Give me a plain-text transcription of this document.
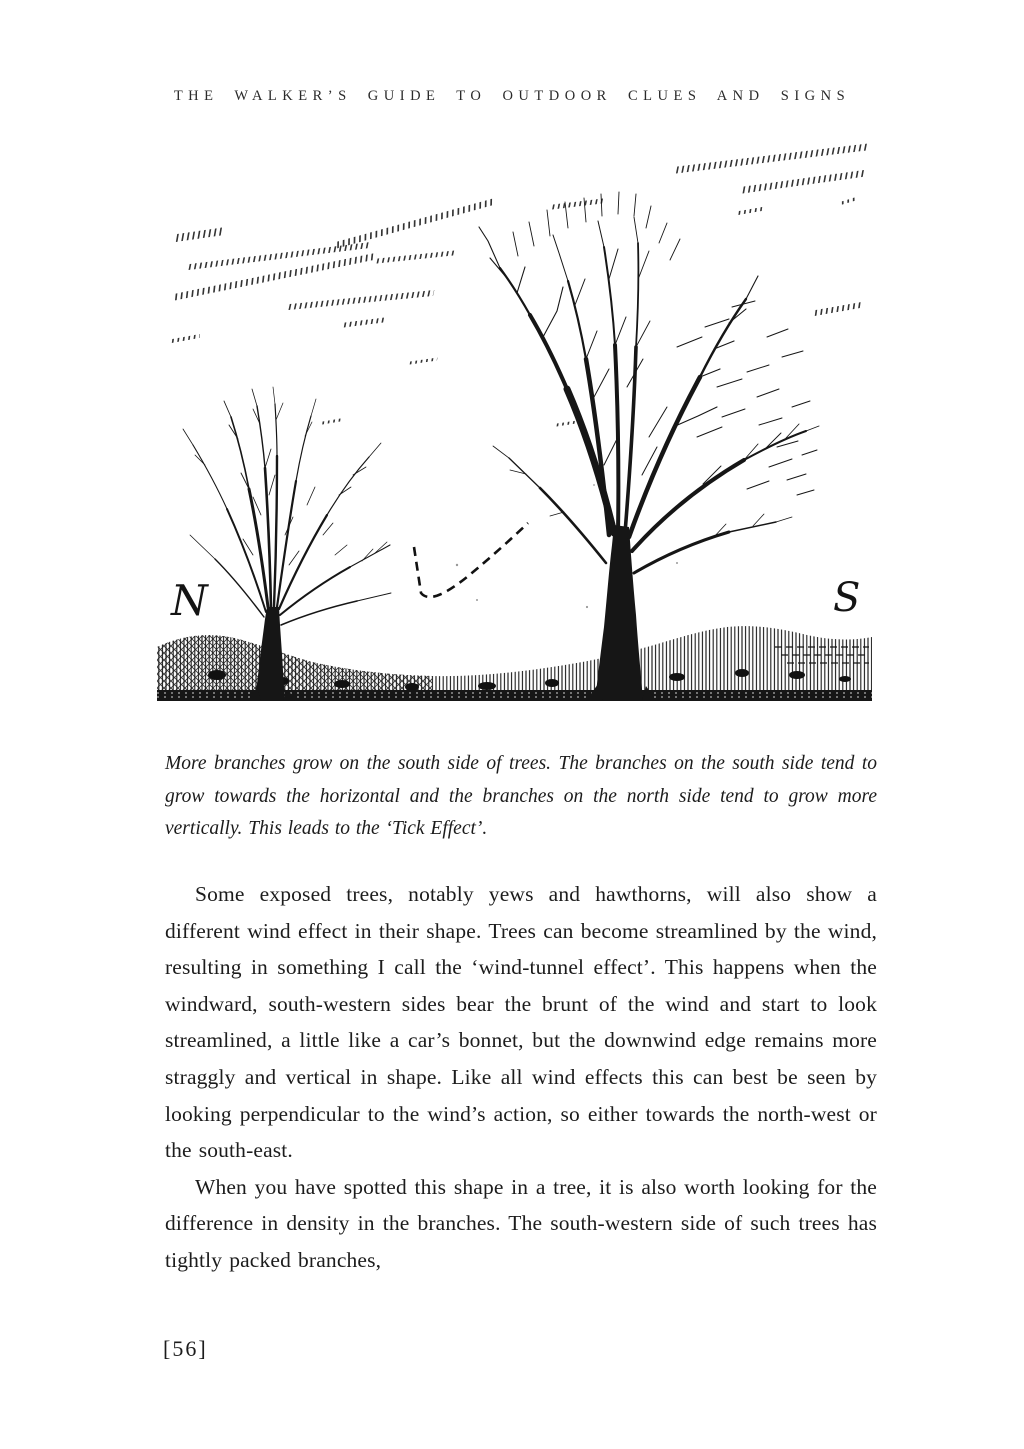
THE WALKER’S GUIDE TO OUTDOOR CLUES AND SIGNS
N	S

More branches grow on the south side of trees. The branches on the south side tend to grow towards the horizontal and the branches on the north side tend to grow more vertically. This leads to the ‘Tick Effect’.

Some exposed trees, notably yews and hawthorns, will also show a different wind effect in their shape. Trees can become streamlined by the wind, resulting in something I call the ‘wind-tunnel effect’. This happens when the windward, south-western sides bear the brunt of the wind and start to look streamlined, a little like a car’s bonnet, but the downwind edge remains more straggly and vertical in shape. Like all wind effects this can best be seen by looking perpendicular to the wind’s action, so either towards the north-west or the south-east.

When you have spotted this shape in a tree, it is also worth looking for the difference in density in the branches. The south-western side of such trees has tightly packed branches,

[56]
